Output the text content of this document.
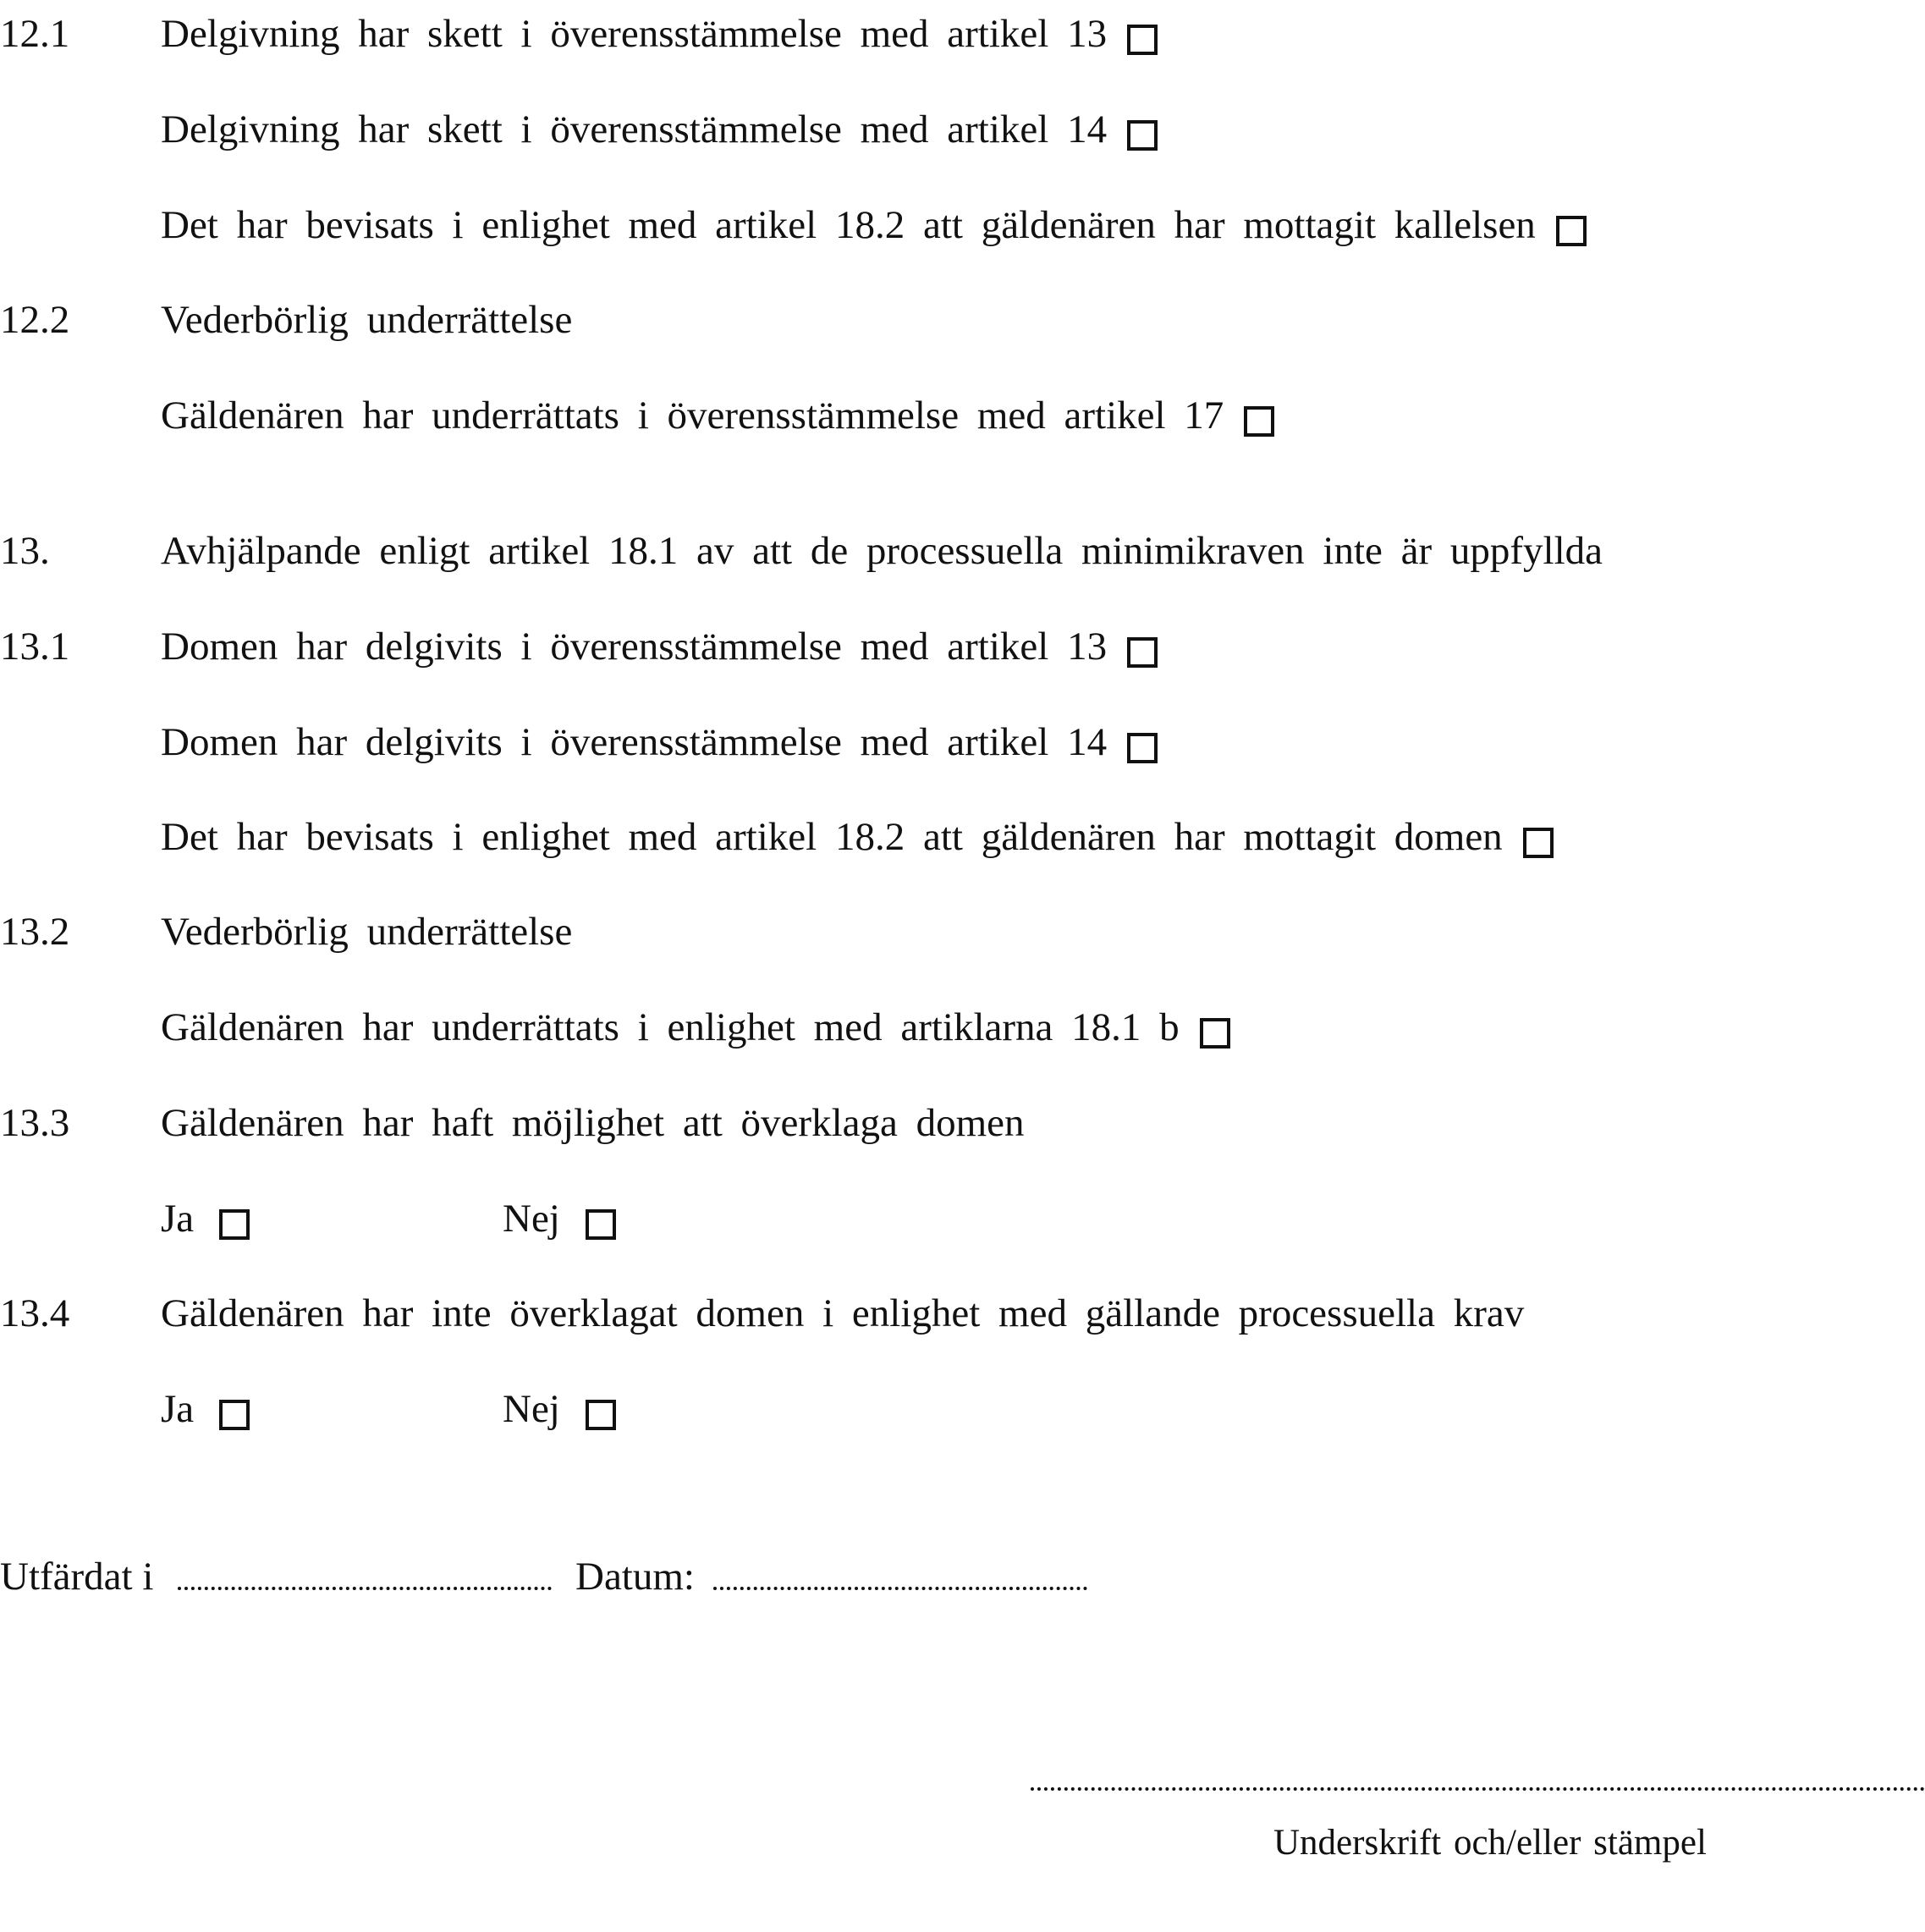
12.1 Delgivning har skett i överensstämmelse med artikel 13
Delgivning har skett i överensstämmelse med artikel 14
Det har bevisats i enlighet med artikel 18.2 att gäldenären har mottagit kallelsen
12.2 Vederbörlig underrättelse
Gäldenären har underrättats i överensstämmelse med artikel 17
13.	Avhjälpande enligt artikel 18.1 av att de processuella minimikraven inte är uppfyllda
13.1 Domen har delgivits i överensstämmelse med artikel 13
Domen har delgivits i överensstämmelse med artikel 14
Det har bevisats i enlighet med artikel 18.2 att gäldenären har mottagit domen
13.2 Vederbörlig underrättelse
Gäldenären har underrättats i enlighet med artiklarna 18.1 b
13.3 Gäldenären har haft möjlighet att överklaga domen
Ja	Nej
13.4 Gäldenären har inte överklagat domen i enlighet med gällande processuella krav
Ja	Nej
Utfärdat i	Datum:
Underskrift och/eller stämpel
